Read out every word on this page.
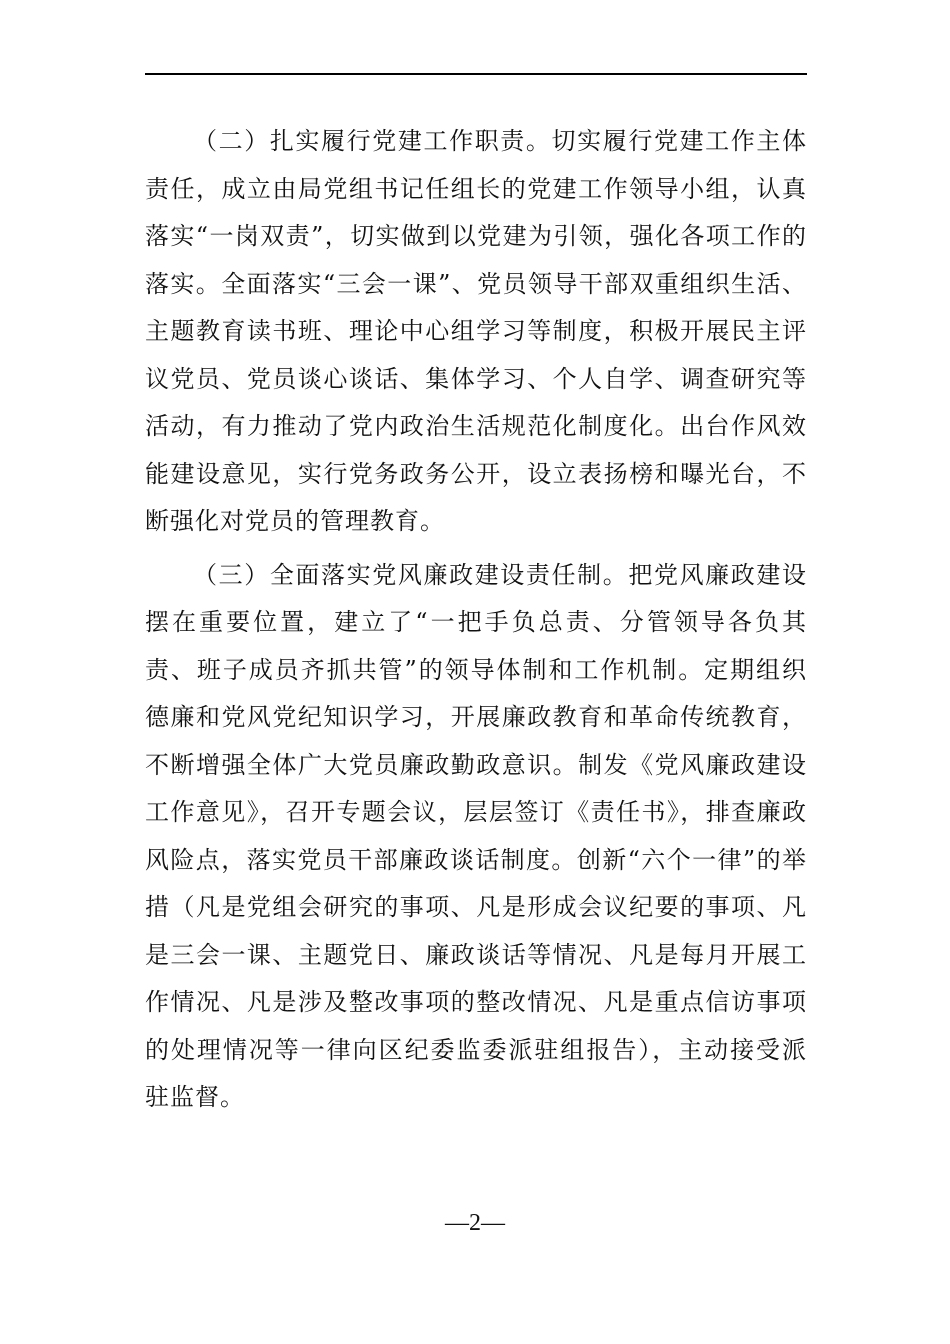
（二）扎实履行党建工作职责。切实履行党建工作主体责任，成立由局党组书记任组长的党建工作领导小组，认真落实“一岗双责”，切实做到以党建为引领，强化各项工作的落实。全面落实“三会一课”、党员领导干部双重组织生活、主题教育读书班、理论中心组学习等制度，积极开展民主评议党员、党员谈心谈话、集体学习、个人自学、调查研究等活动，有力推动了党内政治生活规范化制度化。出台作风效能建设意见，实行党务政务公开，设立表扬榜和曝光台，不断强化对党员的管理教育。

（三）全面落实党风廉政建设责任制。把党风廉政建设摆在重要位置，建立了“一把手负总责、分管领导各负其责、班子成员齐抓共管”的领导体制和工作机制。定期组织德廉和党风党纪知识学习，开展廉政教育和革命传统教育，不断增强全体广大党员廉政勤政意识。制发《党风廉政建设工作意见》，召开专题会议，层层签订《责任书》，排查廉政风险点，落实党员干部廉政谈话制度。创新“六个一律”的举措（凡是党组会研究的事项、凡是形成会议纪要的事项、凡是三会一课、主题党日、廉政谈话等情况、凡是每月开展工作情况、凡是涉及整改事项的整改情况、凡是重点信访事项的处理情况等一律向区纪委监委派驻组报告），主动接受派驻监督。

—2—
